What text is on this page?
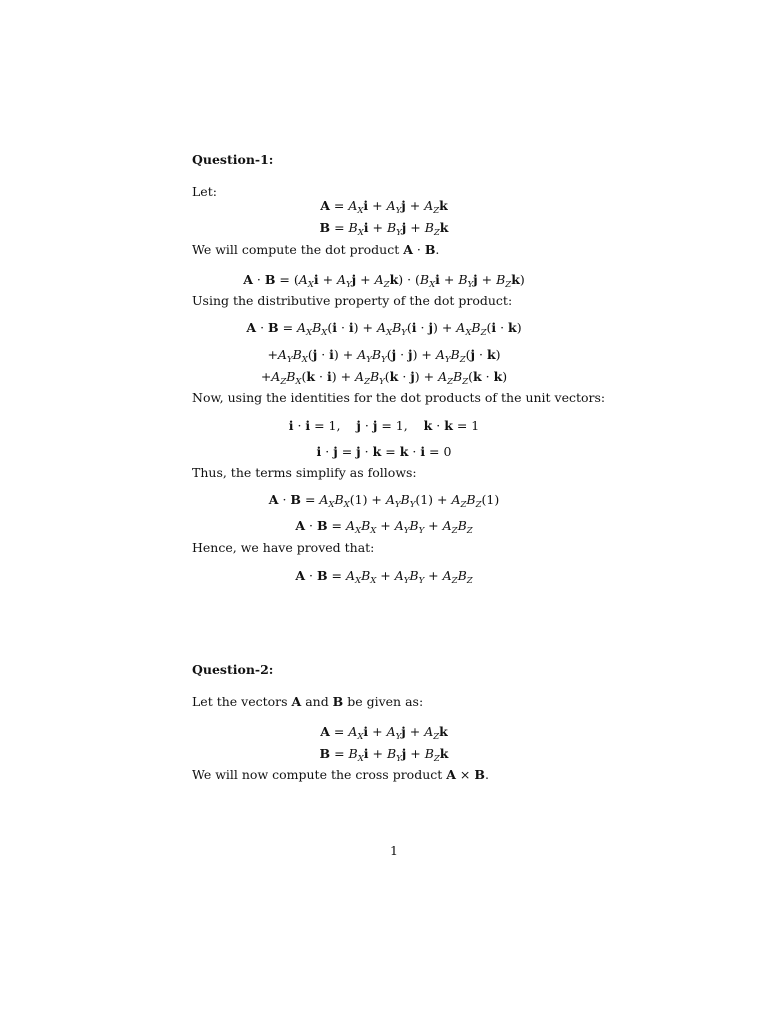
Question-1:
Let:
$A = A_Xi + A_Yj + A_Zk$
$B = B_Xi + B_Yj + B_Zk$
We will compute the dot product A · B.
$A \cdot B = (A_Xi + A_Yj + A_Zk) \cdot (B_Xi + B_Yj + B_Zk)$
Using the distributive property of the dot product:
$A \cdot B = A_XB_X(i \cdot i) + A_XB_Y(i \cdot j) + A_XB_Z(i \cdot k)$
$+A_YB_X(j \cdot i) + A_YB_Y(j \cdot j) + A_YB_Z(j \cdot k)$
$+A_ZB_X(k \cdot i) + A_ZB_Y(k \cdot j) + A_ZB_Z(k \cdot k)$
Now, using the identities for the dot products of the unit vectors:
i · i = 1,    j · j = 1,    k · k = 1
i · j = j · k = k · i = 0
Thus, the terms simplify as follows:
$A \cdot B = A_XB_X(1) + A_YB_Y(1) + A_ZB_Z(1)$
$A \cdot B = A_XB_X + A_YB_Y + A_ZB_Z$
Hence, we have proved that:
$A \cdot B = A_XB_X + A_YB_Y + A_ZB_Z$
Question-2:
Let the vectors A and B be given as:
$A = A_Xi + A_Yj + A_Zk$
$B = B_Xi + B_Yj + B_Zk$
We will now compute the cross product A × B.
1
